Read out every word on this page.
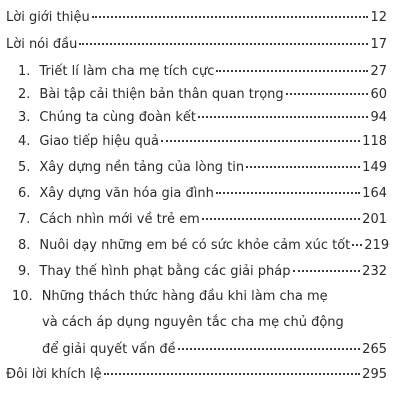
Lời giới thiệu	12
Lời nói đầu	17
1. Triết lí làm cha mẹ tích cực	27
2. Bài tập cải thiện bản thân quan trọng	60
3. Chúng ta cùng đoàn kết	94
4. Giao tiếp hiệu quả	118
5. Xây dựng nền tảng của lòng tin	149
6. Xây dựng văn hóa gia đình	164
7. Cách nhìn mới về trẻ em	201
8. Nuôi dạy những em bé có sức khỏe cảm xúc tốt 219
9. Thay thế hình phạt bằng các giải pháp	232
10. Những thách thức hàng đầu khi làm cha mẹ
và cách áp dụng nguyên tắc cha mẹ chủ động
để giải quyết vấn đề	265
Đôi lời khích lệ	295
